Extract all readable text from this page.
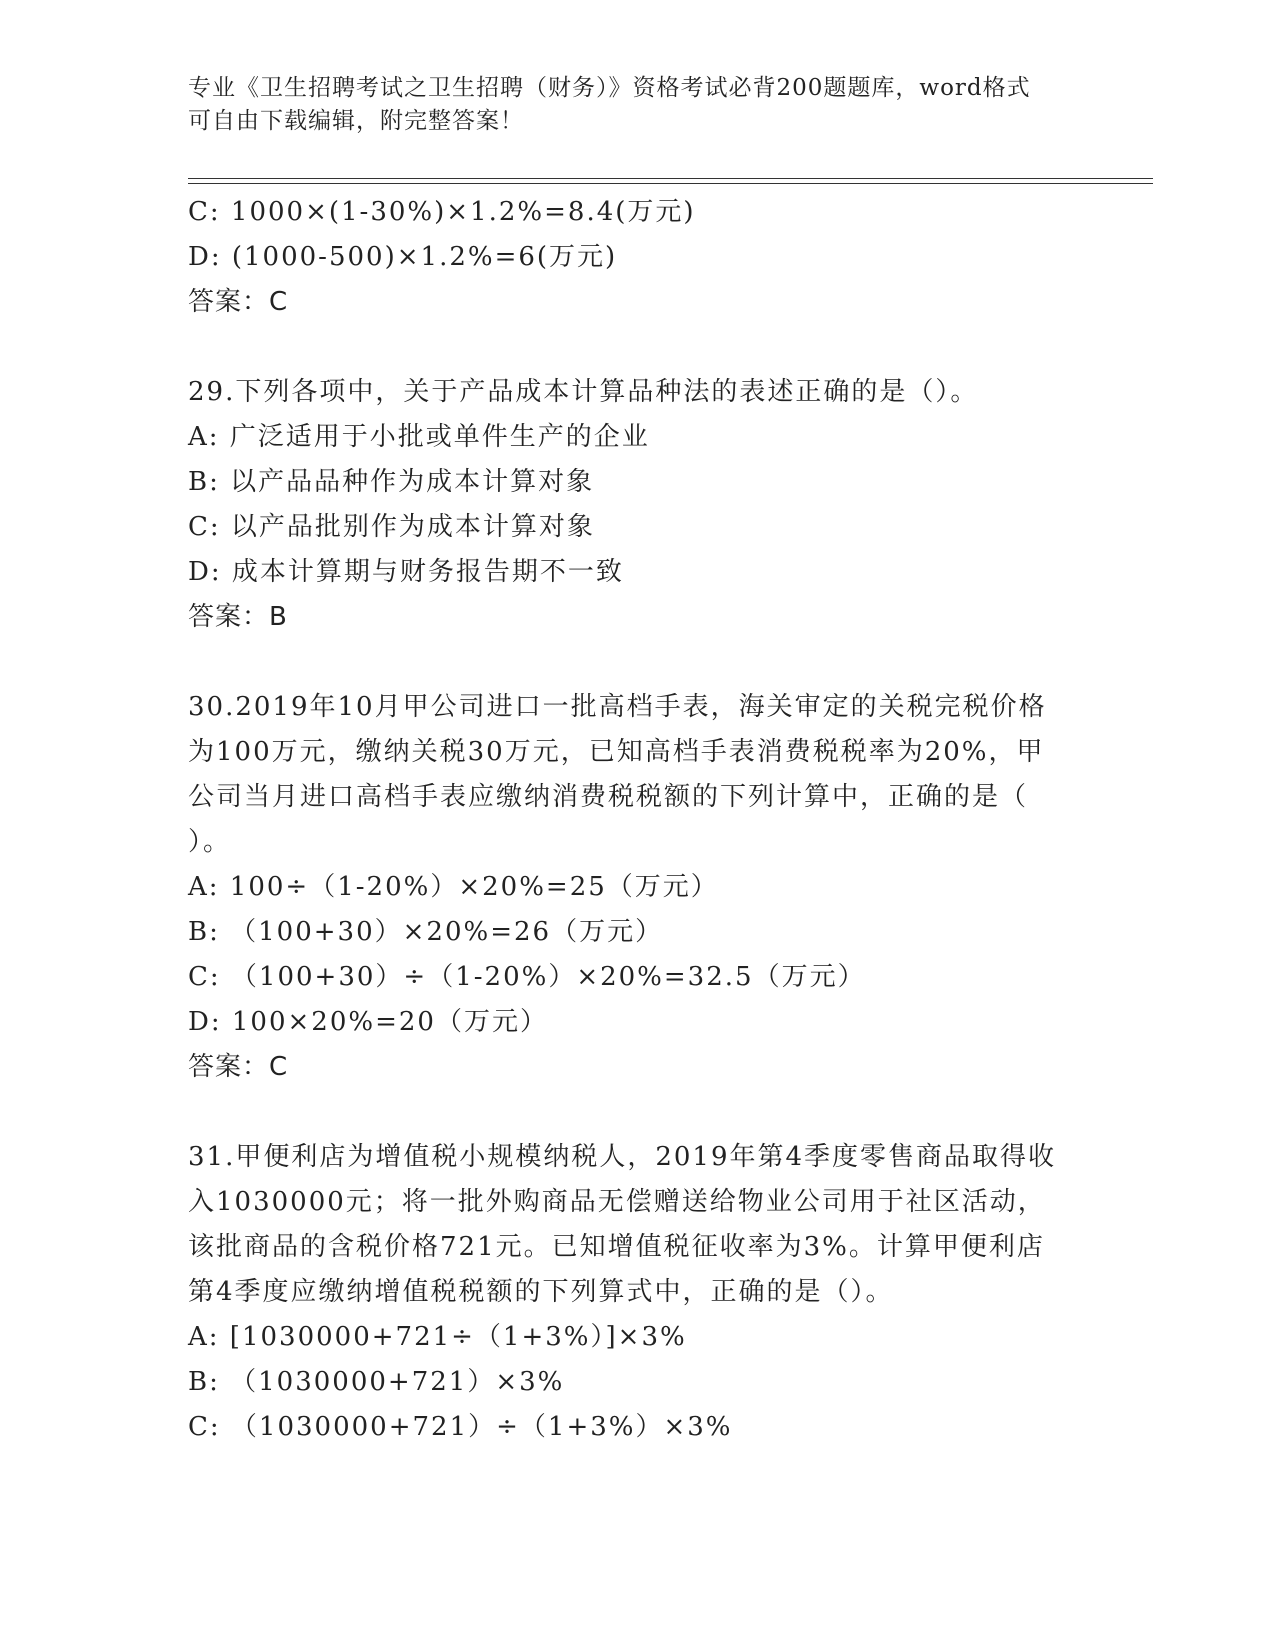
专业《卫生招聘考试之卫生招聘（财务）》资格考试必背200题题库，word格式
可自由下载编辑，附完整答案！
C: 1000×(1-30%)×1.2%=8.4(万元)
D: (1000-500)×1.2%=6(万元)
答案：C
29.下列各项中，关于产品成本计算品种法的表述正确的是（）。
A: 广泛适用于小批或单件生产的企业
B: 以产品品种作为成本计算对象
C: 以产品批别作为成本计算对象
D: 成本计算期与财务报告期不一致
答案：B
30.2019年10月甲公司进口一批高档手表，海关审定的关税完税价格
为100万元，缴纳关税30万元，已知高档手表消费税税率为20%，甲
公司当月进口高档手表应缴纳消费税税额的下列计算中，正确的是（
）。
A: 100÷（1-20%）×20%=25（万元）
B: （100+30）×20%=26（万元）
C: （100+30）÷（1-20%）×20%=32.5（万元）
D: 100×20%=20（万元）
答案：C
31.甲便利店为增值税小规模纳税人，2019年第4季度零售商品取得收
入1030000元；将一批外购商品无偿赠送给物业公司用于社区活动，
该批商品的含税价格721元。已知增值税征收率为3%。计算甲便利店
第4季度应缴纳增值税税额的下列算式中，正确的是（）。
A: [1030000+721÷（1+3%）]×3%
B: （1030000+721）×3%
C: （1030000+721）÷（1+3%）×3%
